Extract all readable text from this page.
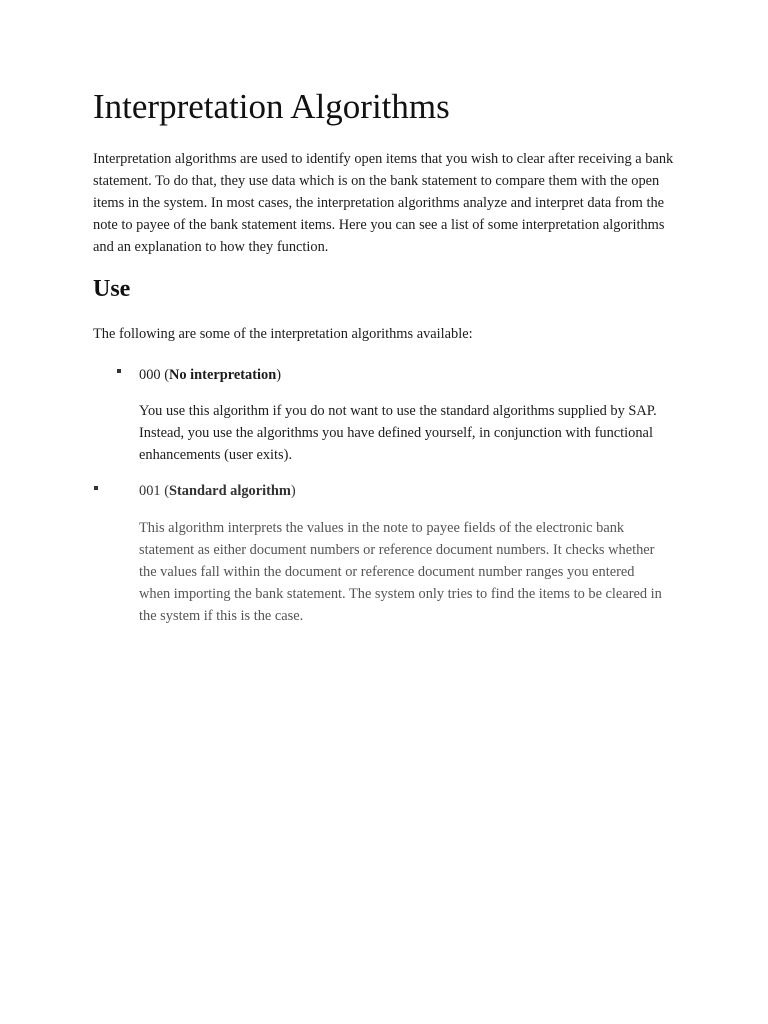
Interpretation Algorithms

Interpretation algorithms are used to identify open items that you wish to clear after receiving a bank statement. To do that, they use data which is on the bank statement to compare them with the open items in the system. In most cases, the interpretation algorithms analyze and interpret data from the note to payee of the bank statement items. Here you can see a list of some interpretation algorithms and an explanation to how they function.

Use

The following are some of the interpretation algorithms available:

000 (No interpretation)

You use this algorithm if you do not want to use the standard algorithms supplied by SAP. Instead, you use the algorithms you have defined yourself, in conjunction with functional enhancements (user exits).

001 (Standard algorithm)

This algorithm interprets the values in the note to payee fields of the electronic bank statement as either document numbers or reference document numbers. It checks whether the values fall within the document or reference document number ranges you entered when importing the bank statement. The system only tries to find the items to be cleared in the system if this is the case.
